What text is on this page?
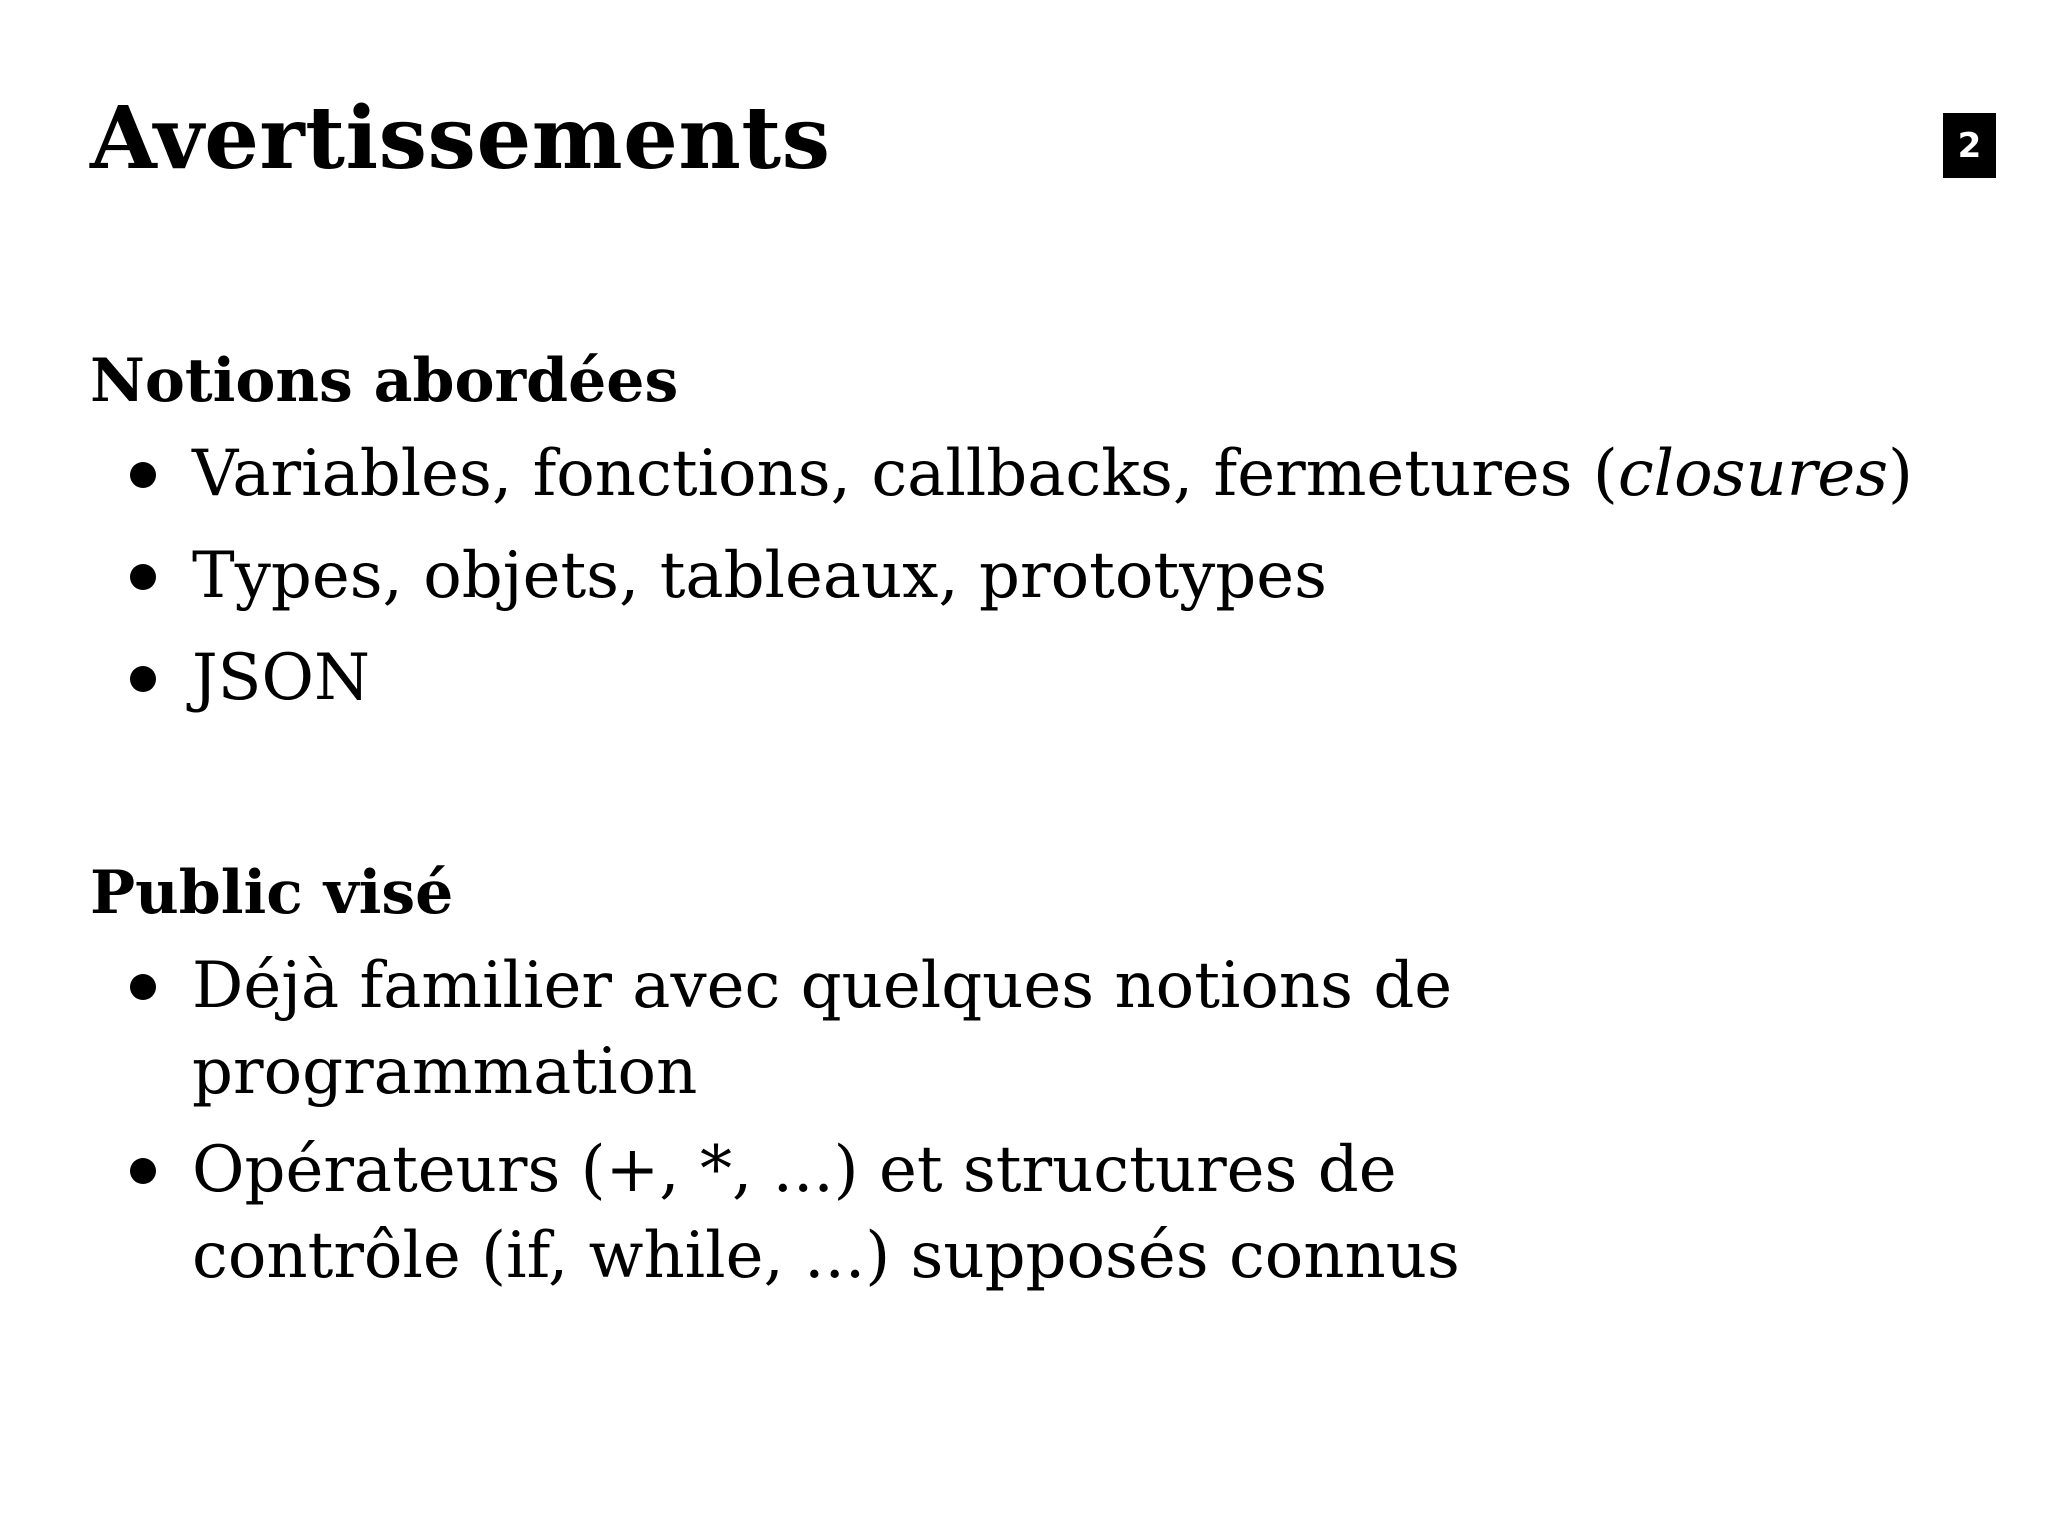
Avertissements	2
Notions abordées
Variables, fonctions, callbacks, fermetures (closures)
Types, objets, tableaux, prototypes
JSON
Public visé
Déjà familier avec quelques notions de programmation
Opérateurs (+, *, ...) et structures de contrôle (if, while, ...) supposés connus
